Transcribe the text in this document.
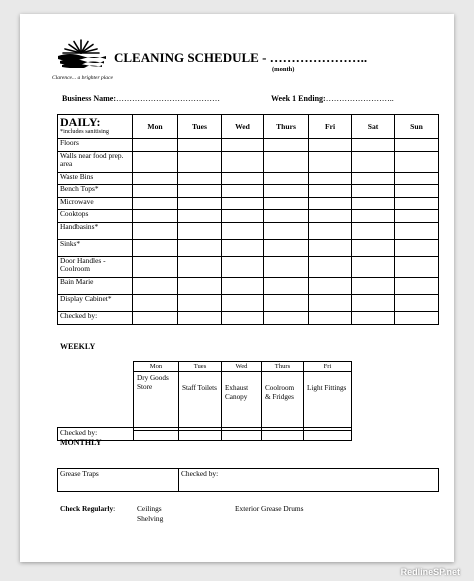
Clarence... a brighter place
CLEANING SCHEDULE - …………………..
(month)
Business Name:…………………………………	Week 1 Ending:……………………..
DAILY:
*includes sanitising	Mon	Tues	Wed	Thurs	Fri	Sat	Sun
Floors							
Walls near food prep. area							
Waste Bins							
Bench Tops*							
Microwave							
Cooktops							
Handbasins*							
Sinks*							
Door Handles - Coolroom							
Bain Marie							
Display Cabinet*							
Checked by:							
WEEKLY
Mon	Tues	Wed	Thurs	Fri
Dry Goods Store	Staff Toilets	Exhaust Canopy	Coolroom & Fridges	Light Fittings
Checked by:						
MONTHLY
Grease Traps	Checked by:
Check Regularly:	Ceilings
Shelving
Exterior Grease Drums
RedlineSP.net
